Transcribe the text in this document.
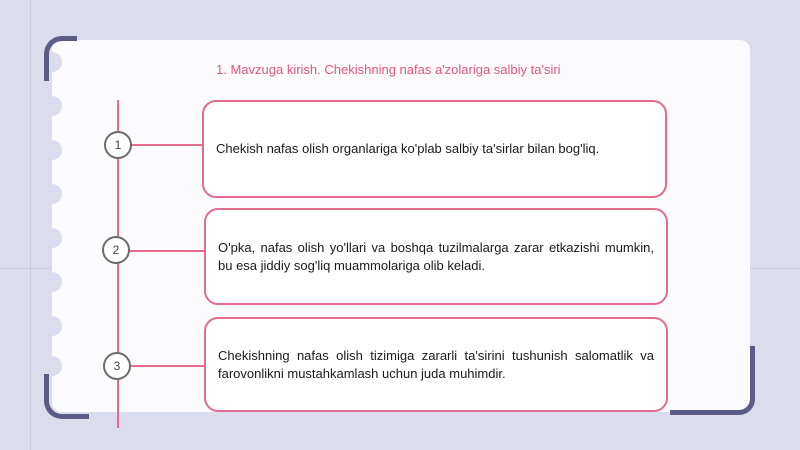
1. Mavzuga kirish. Chekishning nafas a'zolariga salbiy ta'siri
1	Chekish nafas olish organlariga ko'plab salbiy ta'sirlar bilan bog'liq.
2	O'pka, nafas olish yo'llari va boshqa tuzilmalarga zarar etkazishi mumkin, bu esa jiddiy sog'liq muammolariga olib keladi.
3
Chekishning nafas olish tizimiga zararli ta'sirini tushunish salomatlik va farovonlikni mustahkamlash uchun juda muhimdir.
